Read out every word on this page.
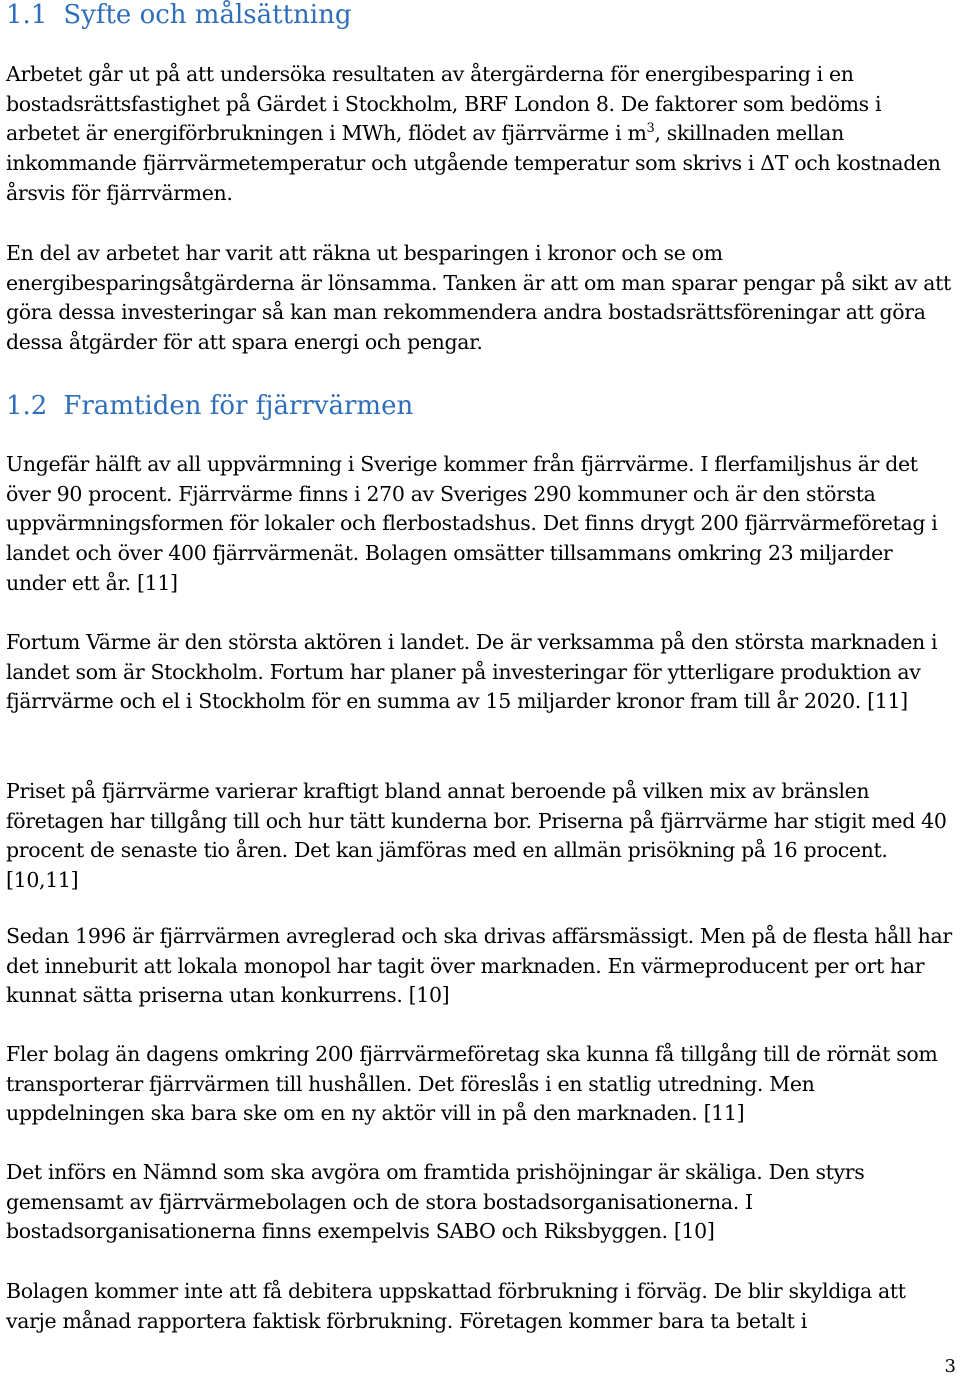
1.1 Syfte och målsättning

Arbetet går ut på att undersöka resultaten av återgärderna för energibesparing i en bostadsrättsfastighet på Gärdet i Stockholm, BRF London 8. De faktorer som bedöms i arbetet är energiförbrukningen i MWh, flödet av fjärrvärme i $m^3$, skillnaden mellan inkommande fjärrvärmetemperatur och utgående temperatur som skrivs i ΔT och kostnaden årsvis för fjärrvärmen.

En del av arbetet har varit att räkna ut besparingen i kronor och se om energibesparingsåtgärderna är lönsamma. Tanken är att om man sparar pengar på sikt av att göra dessa investeringar så kan man rekommendera andra bostadsrättsföreningar att göra dessa åtgärder för att spara energi och pengar.

1.2 Framtiden för fjärrvärmen

Ungefär hälft av all uppvärmning i Sverige kommer från fjärrvärme. I flerfamiljshus är det över 90 procent. Fjärrvärme finns i 270 av Sveriges 290 kommuner och är den största uppvärmningsformen för lokaler och flerbostadshus. Det finns drygt 200 fjärrvärmeföretag i landet och över 400 fjärrvärmenät. Bolagen omsätter tillsammans omkring 23 miljarder under ett år. [11]

Fortum Värme är den största aktören i landet. De är verksamma på den största marknaden i landet som är Stockholm. Fortum har planer på investeringar för ytterligare produktion av fjärrvärme och el i Stockholm för en summa av 15 miljarder kronor fram till år 2020. [11]

Priset på fjärrvärme varierar kraftigt bland annat beroende på vilken mix av bränslen företagen har tillgång till och hur tätt kunderna bor. Priserna på fjärrvärme har stigit med 40 procent de senaste tio åren. Det kan jämföras med en allmän prisökning på 16 procent. [10,11]

Sedan 1996 är fjärrvärmen avreglerad och ska drivas affärsmässigt. Men på de flesta håll har det inneburit att lokala monopol har tagit över marknaden. En värmeproducent per ort har kunnat sätta priserna utan konkurrens. [10]

Fler bolag än dagens omkring 200 fjärrvärmeföretag ska kunna få tillgång till de rörnät som transporterar fjärrvärmen till hushållen. Det föreslås i en statlig utredning. Men uppdelningen ska bara ske om en ny aktör vill in på den marknaden. [11]

Det införs en Nämnd som ska avgöra om framtida prishöjningar är skäliga. Den styrs gemensamt av fjärrvärmebolagen och de stora bostadsorganisationerna. I bostadsorganisationerna finns exempelvis SABO och Riksbyggen. [10]

Bolagen kommer inte att få debitera uppskattad förbrukning i förväg. De blir skyldiga att varje månad rapportera faktisk förbrukning. Företagen kommer bara ta betalt i

3
